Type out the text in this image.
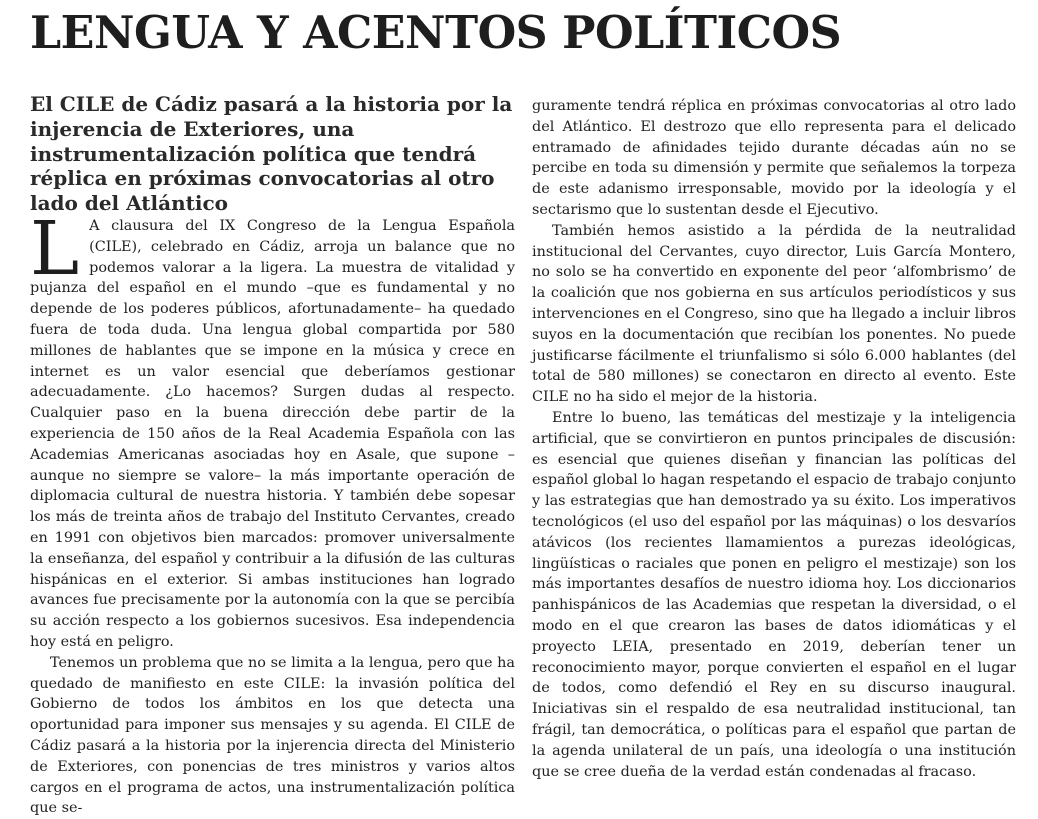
LENGUA Y ACENTOS POLÍTICOS
El CILE de Cádiz pasará a la historia por la injerencia de Exteriores, una instrumentalización política que tendrá réplica en próximas convocatorias al otro lado del Atlántico

L A clausura del IX Congreso de la Lengua Española (CILE), celebrado en Cádiz, arroja un balance que no podemos valorar a la ligera. La muestra de vitalidad y pujanza del español en el mundo –que es fundamental y no depende de los poderes públicos, afortunadamente– ha quedado fuera de toda duda. Una lengua global compartida por 580 millones de hablantes que se impone en la música y crece en internet es un valor esencial que deberíamos gestionar adecuadamente. ¿Lo hacemos? Surgen dudas al respecto. Cualquier paso en la buena dirección debe partir de la experiencia de 150 años de la Real Academia Española con las Academias Americanas asociadas hoy en Asale, que supone –aunque no siempre se valore– la más importante operación de diplomacia cultural de nuestra historia. Y también debe sopesar los más de treinta años de trabajo del Instituto Cervantes, creado en 1991 con objetivos bien marcados: promover universalmente la enseñanza, del español y contribuir a la difusión de las culturas hispánicas en el exterior. Si ambas instituciones han logrado avances fue precisamente por la autonomía con la que se percibía su acción respecto a los gobiernos sucesivos. Esa independencia hoy está en peligro.

Tenemos un problema que no se limita a la lengua, pero que ha quedado de manifiesto en este CILE: la invasión política del Gobierno de todos los ámbitos en los que detecta una oportunidad para imponer sus mensajes y su agenda. El CILE de Cádiz pasará a la historia por la injerencia directa del Ministerio de Exteriores, con ponencias de tres ministros y varios altos cargos en el programa de actos, una instrumentalización política que se-

guramente tendrá réplica en próximas convocatorias al otro lado del Atlántico. El destrozo que ello representa para el delicado entramado de afinidades tejido durante décadas aún no se percibe en toda su dimensión y permite que señalemos la torpeza de este adanismo irresponsable, movido por la ideología y el sectarismo que lo sustentan desde el Ejecutivo.

También hemos asistido a la pérdida de la neutralidad institucional del Cervantes, cuyo director, Luis García Montero, no solo se ha convertido en exponente del peor ‘alfombrismo’ de la coalición que nos gobierna en sus artículos periodísticos y sus intervenciones en el Congreso, sino que ha llegado a incluir libros suyos en la documentación que recibían los ponentes. No puede justificarse fácilmente el triunfalismo si sólo 6.000 hablantes (del total de 580 millones) se conectaron en directo al evento. Este CILE no ha sido el mejor de la historia.

Entre lo bueno, las temáticas del mestizaje y la inteligencia artificial, que se convirtieron en puntos principales de discusión: es esencial que quienes diseñan y financian las políticas del español global lo hagan respetando el espacio de trabajo conjunto y las estrategias que han demostrado ya su éxito. Los imperativos tecnológicos (el uso del español por las máquinas) o los desvaríos atávicos (los recientes llamamientos a purezas ideológicas, lingüísticas o raciales que ponen en peligro el mestizaje) son los más importantes desafíos de nuestro idioma hoy. Los diccionarios panhispánicos de las Academias que respetan la diversidad, o el modo en el que crearon las bases de datos idiomáticas y el proyecto LEIA, presentado en 2019, deberían tener un reconocimiento mayor, porque convierten el español en el lugar de todos, como defendió el Rey en su discurso inaugural. Iniciativas sin el respaldo de esa neutralidad institucional, tan frágil, tan democrática, o políticas para el español que partan de la agenda unilateral de un país, una ideología o una institución que se cree dueña de la verdad están condenadas al fracaso.
